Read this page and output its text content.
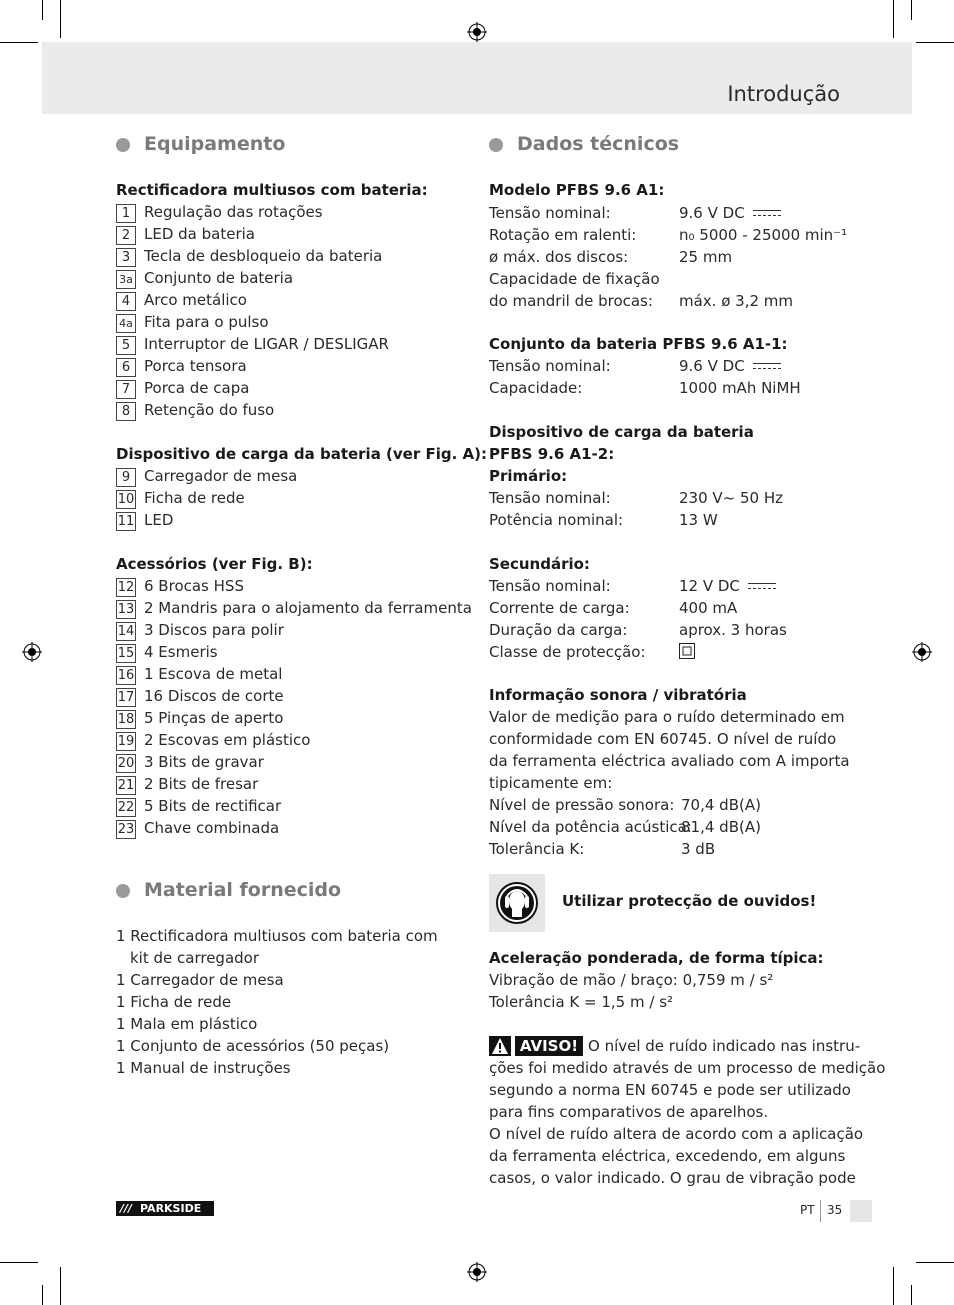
Introdução
Equipamento
Rectificadora multiusos com bateria:
1 Regulação das rotações
2 LED da bateria
3 Tecla de desbloqueio da bateria
3a Conjunto de bateria
4 Arco metálico
4a Fita para o pulso
5 Interruptor de LIGAR / DESLIGAR
6 Porca tensora
7 Porca de capa
8 Retenção do fuso
Dispositivo de carga da bateria (ver Fig. A):
9 Carregador de mesa
10 Ficha de rede
11 LED
Acessórios (ver Fig. B):
12 6 Brocas HSS
13 2 Mandris para o alojamento da ferramenta
14 3 Discos para polir
15 4 Esmeris
16 1 Escova de metal
17 16 Discos de corte
18 5 Pinças de aperto
19 2 Escovas em plástico
20 3 Bits de gravar
21 2 Bits de fresar
22 5 Bits de rectificar
23 Chave combinada
Material fornecido
1 Rectificadora multiusos com bateria com
kit de carregador
1 Carregador de mesa
1 Ficha de rede
1 Mala em plástico
1 Conjunto de acessórios (50 peças)
1 Manual de instruções
Dados técnicos
Modelo PFBS 9.6 A1:
Tensão nominal:	9.6 V DC
Rotação em ralenti:	n₀ 5000 - 25000 min⁻¹
ø máx. dos discos:	25 mm
Capacidade de fixação
do mandril de brocas: máx. ø 3,2 mm
Conjunto da bateria PFBS 9.6 A1-1:
Tensão nominal:	9.6 V DC
Capacidade:	1000 mAh NiMH
Dispositivo de carga da bateria
PFBS 9.6 A1-2:
Primário:
Tensão nominal:	230 V~ 50 Hz
Potência nominal:	13 W
Secundário:
Tensão nominal:	12 V DC
Corrente de carga:	400 mA
Duração da carga:	aprox. 3 horas
Classe de protecção:
Informação sonora / vibratória
Valor de medição para o ruído determinado em
conformidade com EN 60745. O nível de ruído
da ferramenta eléctrica avaliado com A importa
tipicamente em:
Nível de pressão sonora: 70,4 dB(A)
Nível da potência acústica:
81,4 dB(A)
Tolerância K:	3 dB
Utilizar protecção de ouvidos!
Aceleração ponderada, de forma típica:
Vibração de mão / braço: 0,759 m / s²
Tolerância K = 1,5 m / s²
AVISO! O nível de ruído indicado nas instru-
ções foi medido através de um processo de medição
segundo a norma EN 60745 e pode ser utilizado
para fins comparativos de aparelhos.
O nível de ruído altera de acordo com a aplicação
da ferramenta eléctrica, excedendo, em alguns
casos, o valor indicado. O grau de vibração pode
/// PARKSIDE	PT 35
